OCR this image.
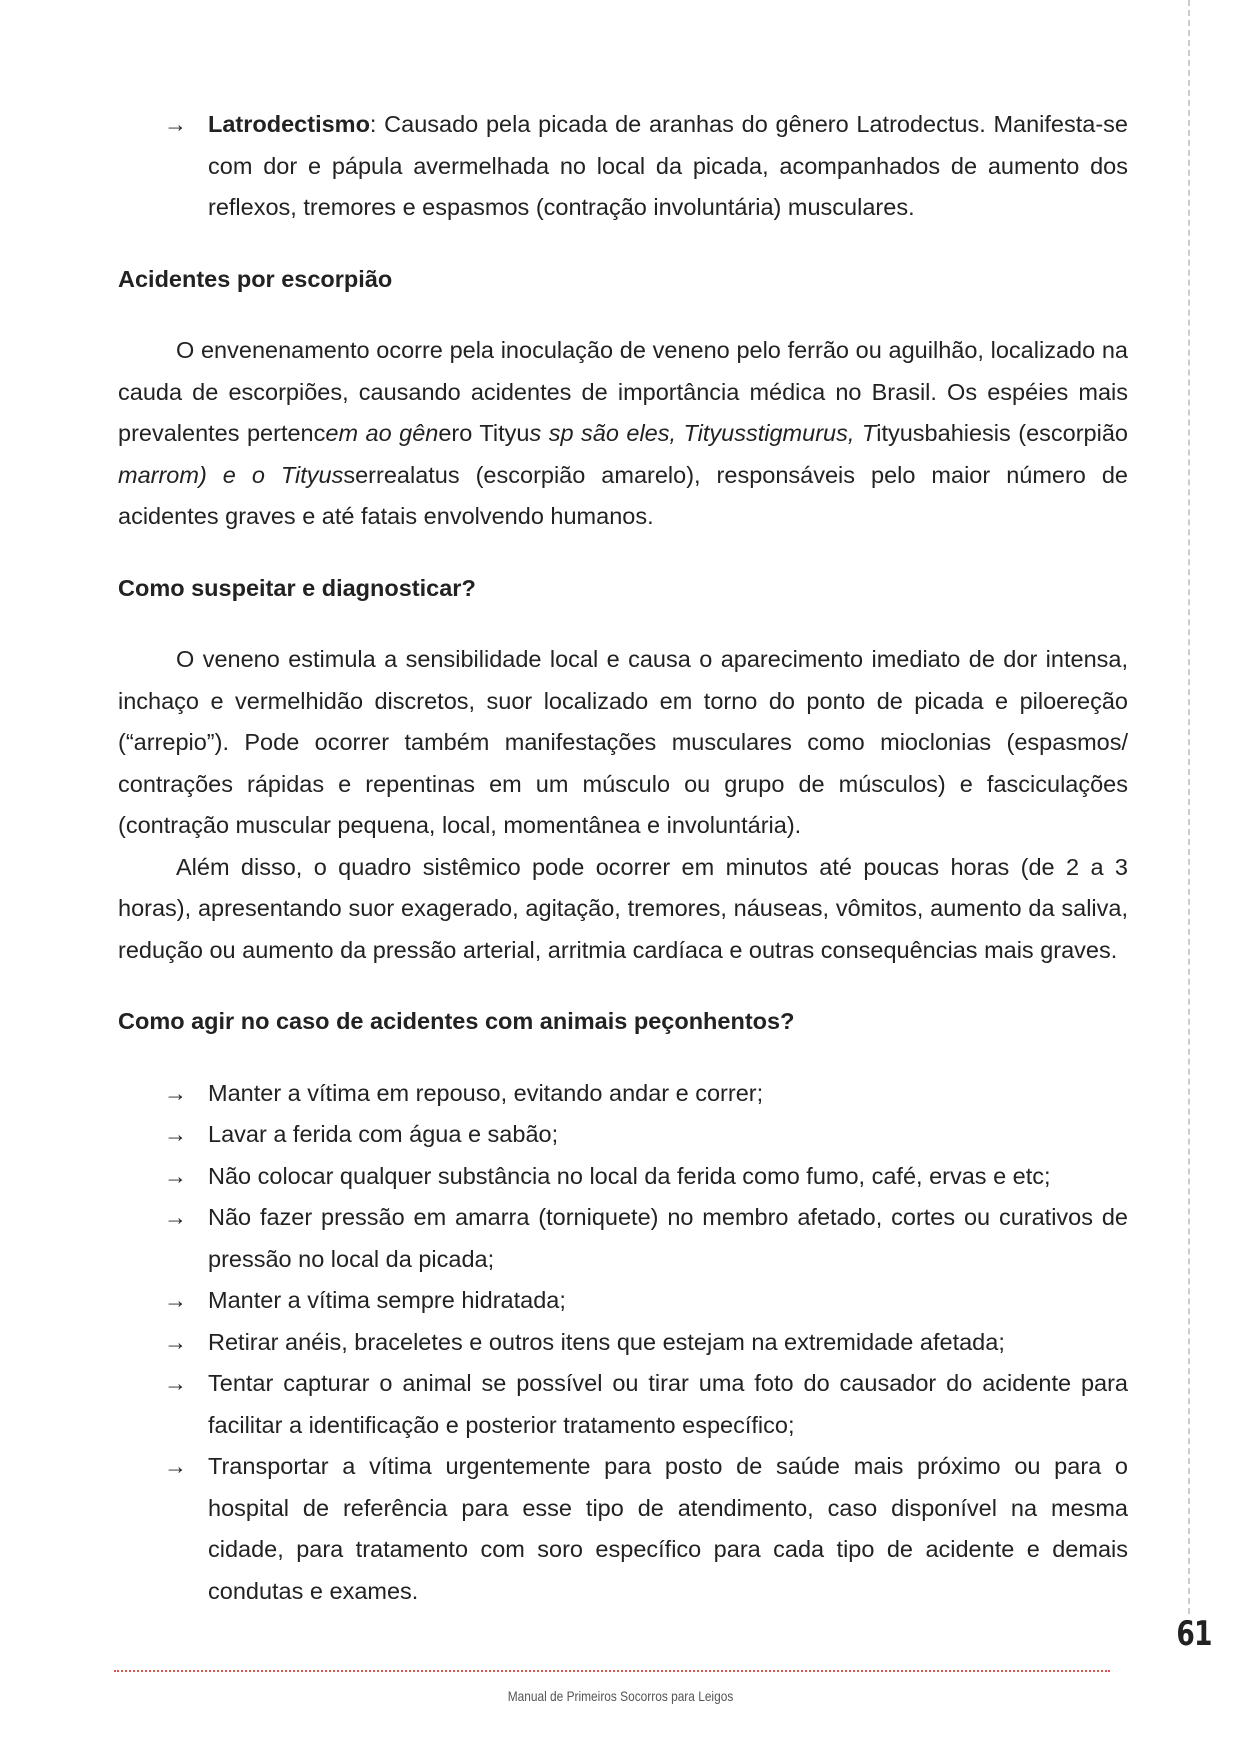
→ Latrodectismo: Causado pela picada de aranhas do gênero Latrodectus. Manifesta-se com dor e pápula avermelhada no local da picada, acompanhados de aumento dos reflexos, tremores e espasmos (contração involuntária) musculares.

Acidentes por escorpião

O envenenamento ocorre pela inoculação de veneno pelo ferrão ou aguilhão, localizado na cauda de escorpiões, causando acidentes de importância médica no Brasil. Os espéies mais prevalentes pertencem ao gênero Tityus sp são eles, Tityusstigmurus, Tityusbahiesis (escorpião marrom) e o Tityusserrealatus (escorpião amarelo), responsáveis pelo maior número de acidentes graves e até fatais envolvendo humanos.

Como suspeitar e diagnosticar?

O veneno estimula a sensibilidade local e causa o aparecimento imediato de dor intensa, inchaço e vermelhidão discretos, suor localizado em torno do ponto de picada e piloereção (“arrepio”). Pode ocorrer também manifestações musculares como mioclonias (espasmos/ contrações rápidas e repentinas em um músculo ou grupo de músculos) e fasciculações (contração muscular pequena, local, momentânea e involuntária).

Além disso, o quadro sistêmico pode ocorrer em minutos até poucas horas (de 2 a 3 horas), apresentando suor exagerado, agitação, tremores, náuseas, vômitos, aumento da saliva, redução ou aumento da pressão arterial, arritmia cardíaca e outras consequências mais graves.

Como agir no caso de acidentes com animais peçonhentos?

→ Manter a vítima em repouso, evitando andar e correr;
→ Lavar a ferida com água e sabão;
→ Não colocar qualquer substância no local da ferida como fumo, café, ervas e etc;
→ Não fazer pressão em amarra (torniquete) no membro afetado, cortes ou curativos de pressão no local da picada;
→ Manter a vítima sempre hidratada;
→ Retirar anéis, braceletes e outros itens que estejam na extremidade afetada;
→ Tentar capturar o animal se possível ou tirar uma foto do causador do acidente para facilitar a identificação e posterior tratamento específico;
→ Transportar a vítima urgentemente para posto de saúde mais próximo ou para o hospital de referência para esse tipo de atendimento, caso disponível na mesma cidade, para tratamento com soro específico para cada tipo de acidente e demais condutas e exames.
61
Manual de Primeiros Socorros para Leigos
